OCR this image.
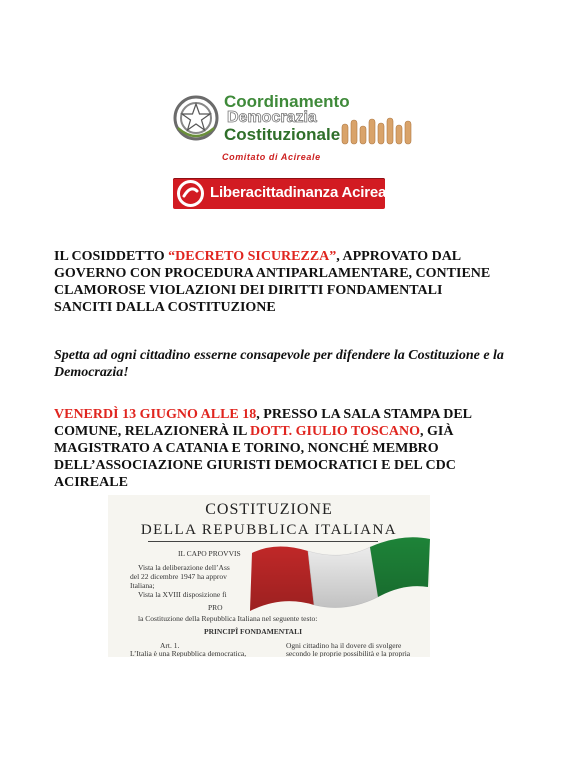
Coordinamento
Democrazia
Costituzionale
Comitato di Acireale
Liberacittadinanza Acireale
IL COSIDDETTO “DECRETO SICUREZZA”, APPROVATO DAL GOVERNO CON PROCEDURA ANTIPARLAMENTARE, CONTIENE CLAMOROSE VIOLAZIONI DEI DIRITTI FONDAMENTALI SANCITI DALLA COSTITUZIONE
Spetta ad ogni cittadino esserne consapevole per difendere la Costituzione e la Democrazia!
VENERDÌ 13 GIUGNO ALLE 18, PRESSO LA SALA STAMPA DEL COMUNE, RELAZIONERÀ IL DOTT. GIULIO TOSCANO, GIÀ MAGISTRATO A CATANIA E TORINO, NONCHÉ MEMBRO DELL’ASSOCIAZIONE GIURISTI DEMOCRATICI E DEL CDC ACIREALE
COSTITUZIONE
DELLA REPUBBLICA ITALIANA
IL CAPO PROVVIS
Vista la deliberazione dell’Ass
del 22 dicembre 1947 ha approv
Italiana;
Vista la XVIII disposizione fi
PRO
la Costituzione della Repubblica Italiana nel seguente testo:
PRINCIPÎ FONDAMENTALI
Art. 1.
L’Italia è una Repubblica democratica,
Ogni cittadino ha il dovere di svolgere
secondo le proprie possibilità e la propria
